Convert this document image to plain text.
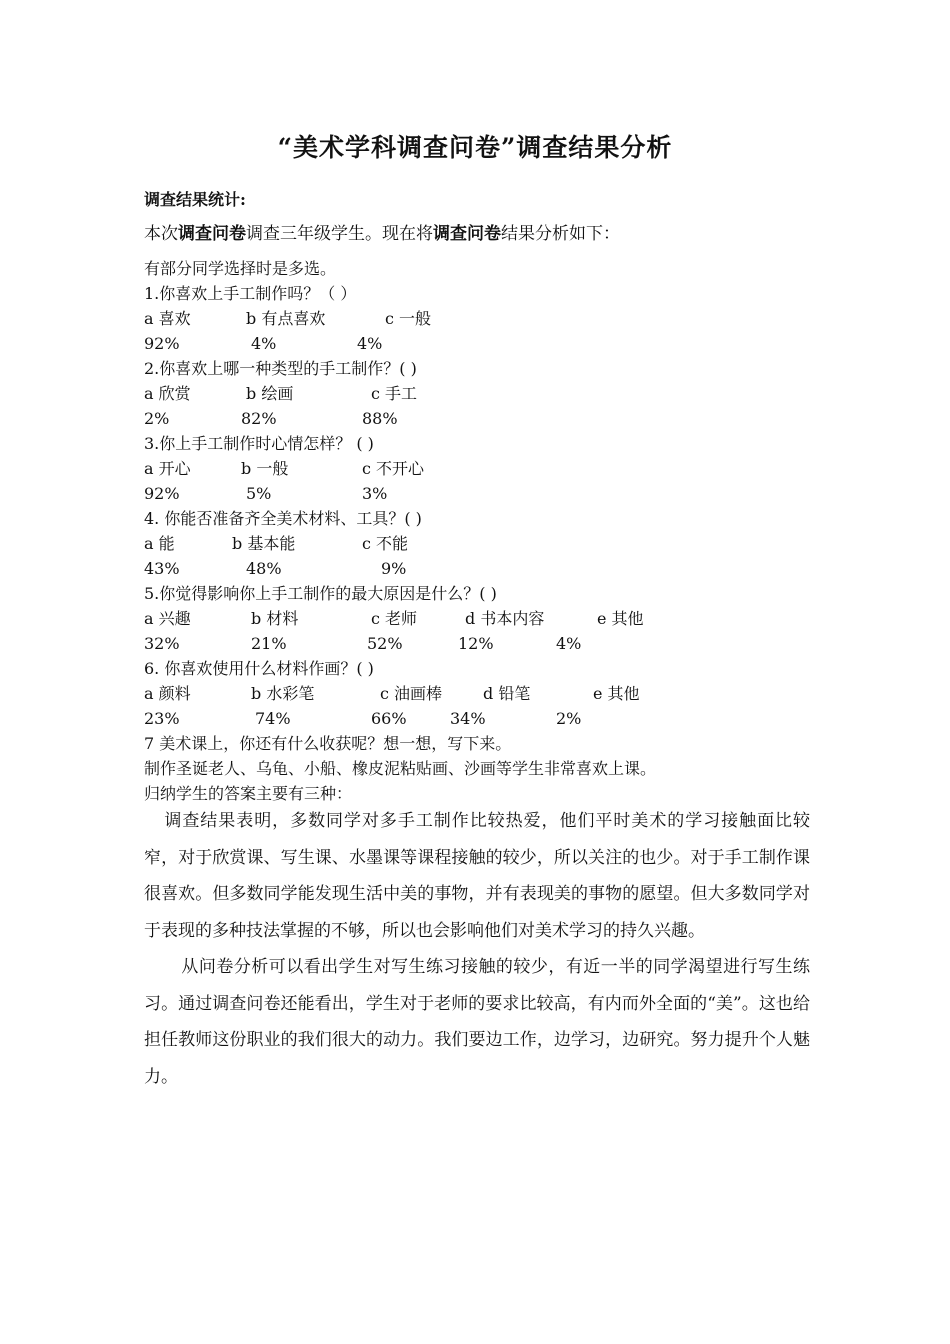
“美术学科调查问卷”调查结果分析
调查结果统计:
本次调查问卷调查三年级学生。现在将调查问卷结果分析如下：
有部分同学选择时是多选。
1.你喜欢上手工制作吗？（ ）
a 喜欢	b 有点喜欢	c 一般
92%	4%	4%
2.你喜欢上哪一种类型的手工制作？( )
a 欣赏	b 绘画	c 手工
2%	82%	88%
3.你上手工制作时心情怎样？ ( )
a 开心	b 一般	c 不开心
92%	5%	3%
4. 你能否准备齐全美术材料、工具？( )
a 能	b 基本能	c 不能
43%	48%	9%
5.你觉得影响你上手工制作的最大原因是什么？( )
a 兴趣	b 材料	c 老师	d 书本内容	e 其他
32%	21%	52%	12%	4%
6. 你喜欢使用什么材料作画？( )
a 颜料	b 水彩笔	c 油画棒	d 铅笔	e 其他
23%	74%	66%	34%	2%
7 美术课上，你还有什么收获呢？想一想，写下来。
制作圣诞老人、乌龟、小船、橡皮泥粘贴画、沙画等学生非常喜欢上课。
归纳学生的答案主要有三种：

调查结果表明，多数同学对多手工制作比较热爱，他们平时美术的学习接触面比较窄，对于欣赏课、写生课、水墨课等课程接触的较少，所以关注的也少。对于手工制作课很喜欢。但多数同学能发现生活中美的事物，并有表现美的事物的愿望。但大多数同学对于表现的多种技法掌握的不够，所以也会影响他们对美术学习的持久兴趣。

从问卷分析可以看出学生对写生练习接触的较少，有近一半的同学渴望进行写生练习。通过调查问卷还能看出，学生对于老师的要求比较高，有内而外全面的“美”。这也给担任教师这份职业的我们很大的动力。我们要边工作，边学习，边研究。努力提升个人魅力。
